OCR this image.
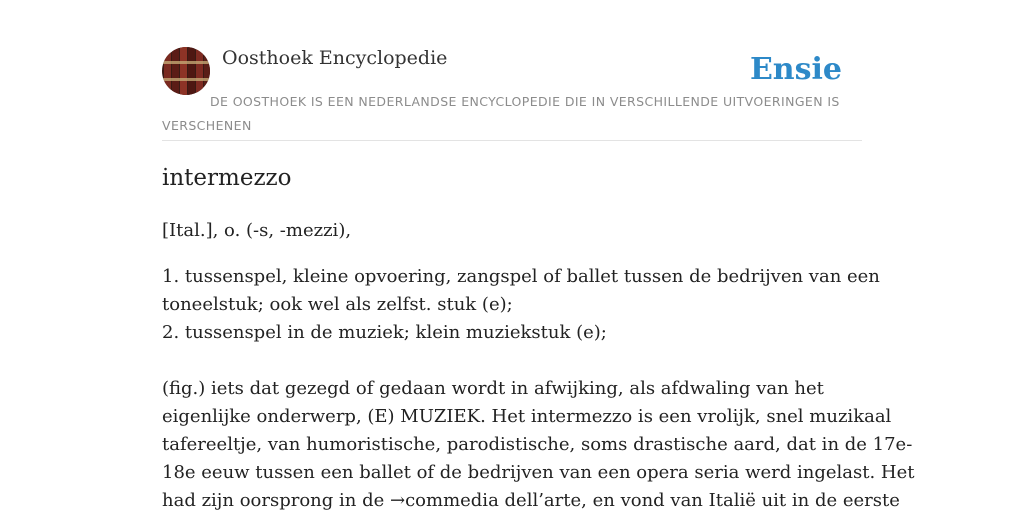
Oosthoek Encyclopedie	Ensie
DE OOSTHOEK IS EEN NEDERLANDSE ENCYCLOPEDIE DIE IN VERSCHILLENDE UITVOERINGEN IS VERSCHENEN
intermezzo

[Ital.], o. (-s, -mezzi),

1. tussenspel, kleine opvoering, zangspel of ballet tussen de bedrijven van een
toneelstuk; ook wel als zelfst. stuk (e);
2. tussenspel in de muziek; klein muziekstuk (e);
(fig.) iets dat gezegd of gedaan wordt in afwijking, als afdwaling van het
eigenlijke onderwerp, (E) MUZIEK. Het intermezzo is een vrolijk, snel muzikaal
tafereeltje, van humoristische, parodistische, soms drastische aard, dat in de 17e-
18e eeuw tussen een ballet of de bedrijven van een opera seria werd ingelast. Het
had zijn oorsprong in de →commedia dell’arte, en vond van Italië uit in de eerste
